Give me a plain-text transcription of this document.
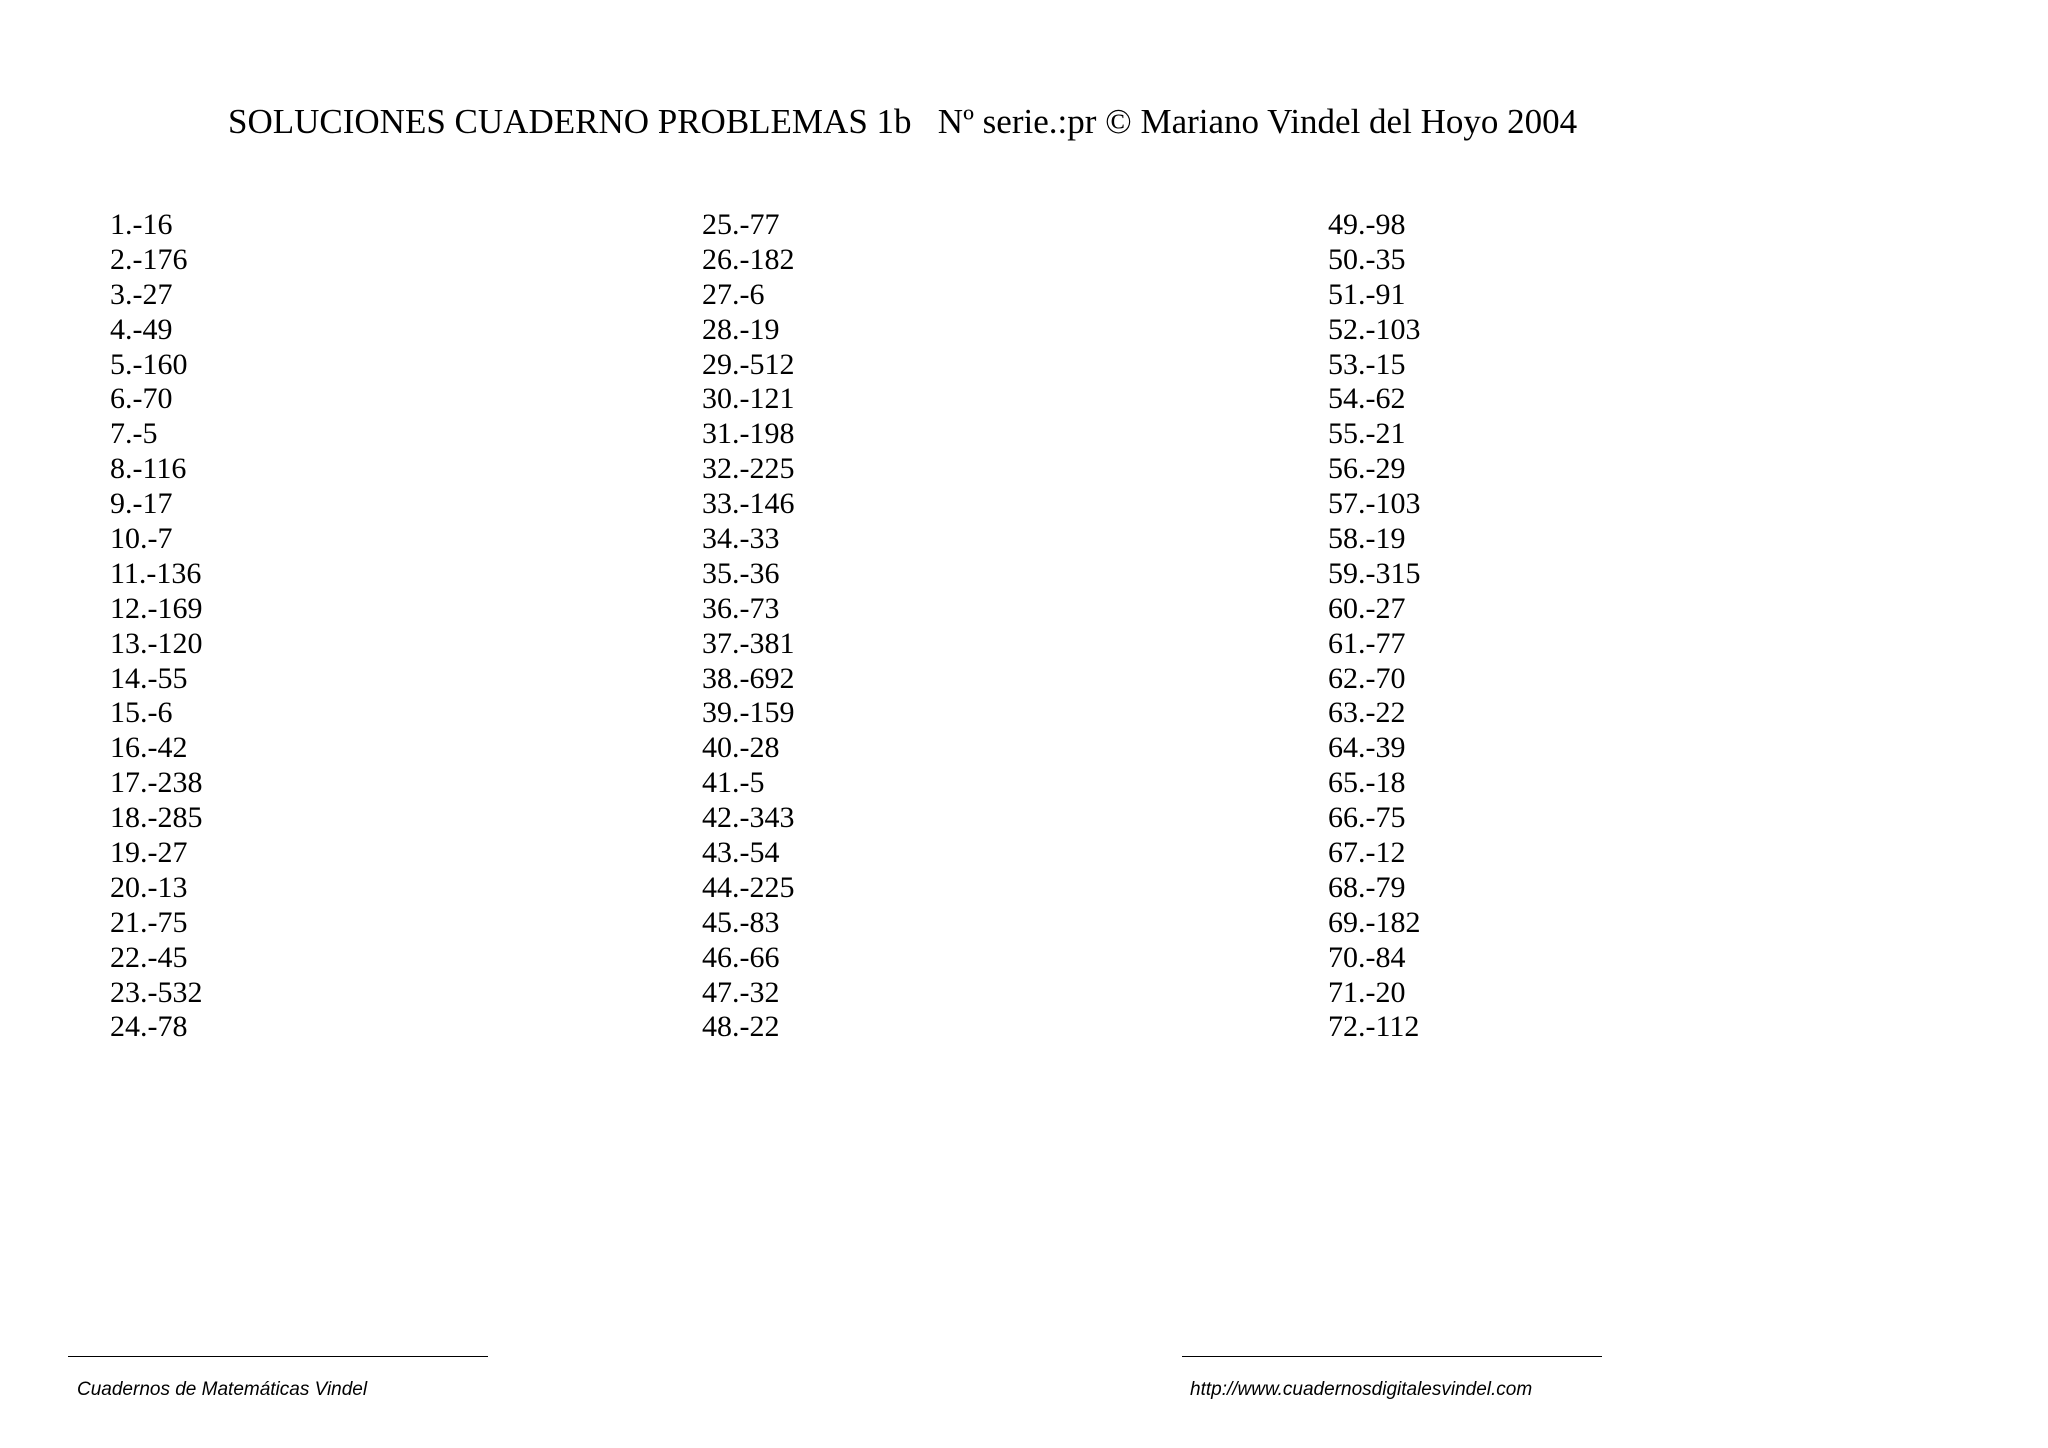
SOLUCIONES CUADERNO PROBLEMAS 1b   Nº serie.:pr © Mariano Vindel del Hoyo 2004
1.-16
2.-176
3.-27
4.-49
5.-160
6.-70
7.-5
8.-116
9.-17
10.-7
11.-136
12.-169
13.-120
14.-55
15.-6
16.-42
17.-238
18.-285
19.-27
20.-13
21.-75
22.-45
23.-532
24.-78
25.-77
26.-182
27.-6
28.-19
29.-512
30.-121
31.-198
32.-225
33.-146
34.-33
35.-36
36.-73
37.-381
38.-692
39.-159
40.-28
41.-5
42.-343
43.-54
44.-225
45.-83
46.-66
47.-32
48.-22
49.-98
50.-35
51.-91
52.-103
53.-15
54.-62
55.-21
56.-29
57.-103
58.-19
59.-315
60.-27
61.-77
62.-70
63.-22
64.-39
65.-18
66.-75
67.-12
68.-79
69.-182
70.-84
71.-20
72.-112
Cuadernos de Matemáticas Vindel	http://www.cuadernosdigitalesvindel.com
